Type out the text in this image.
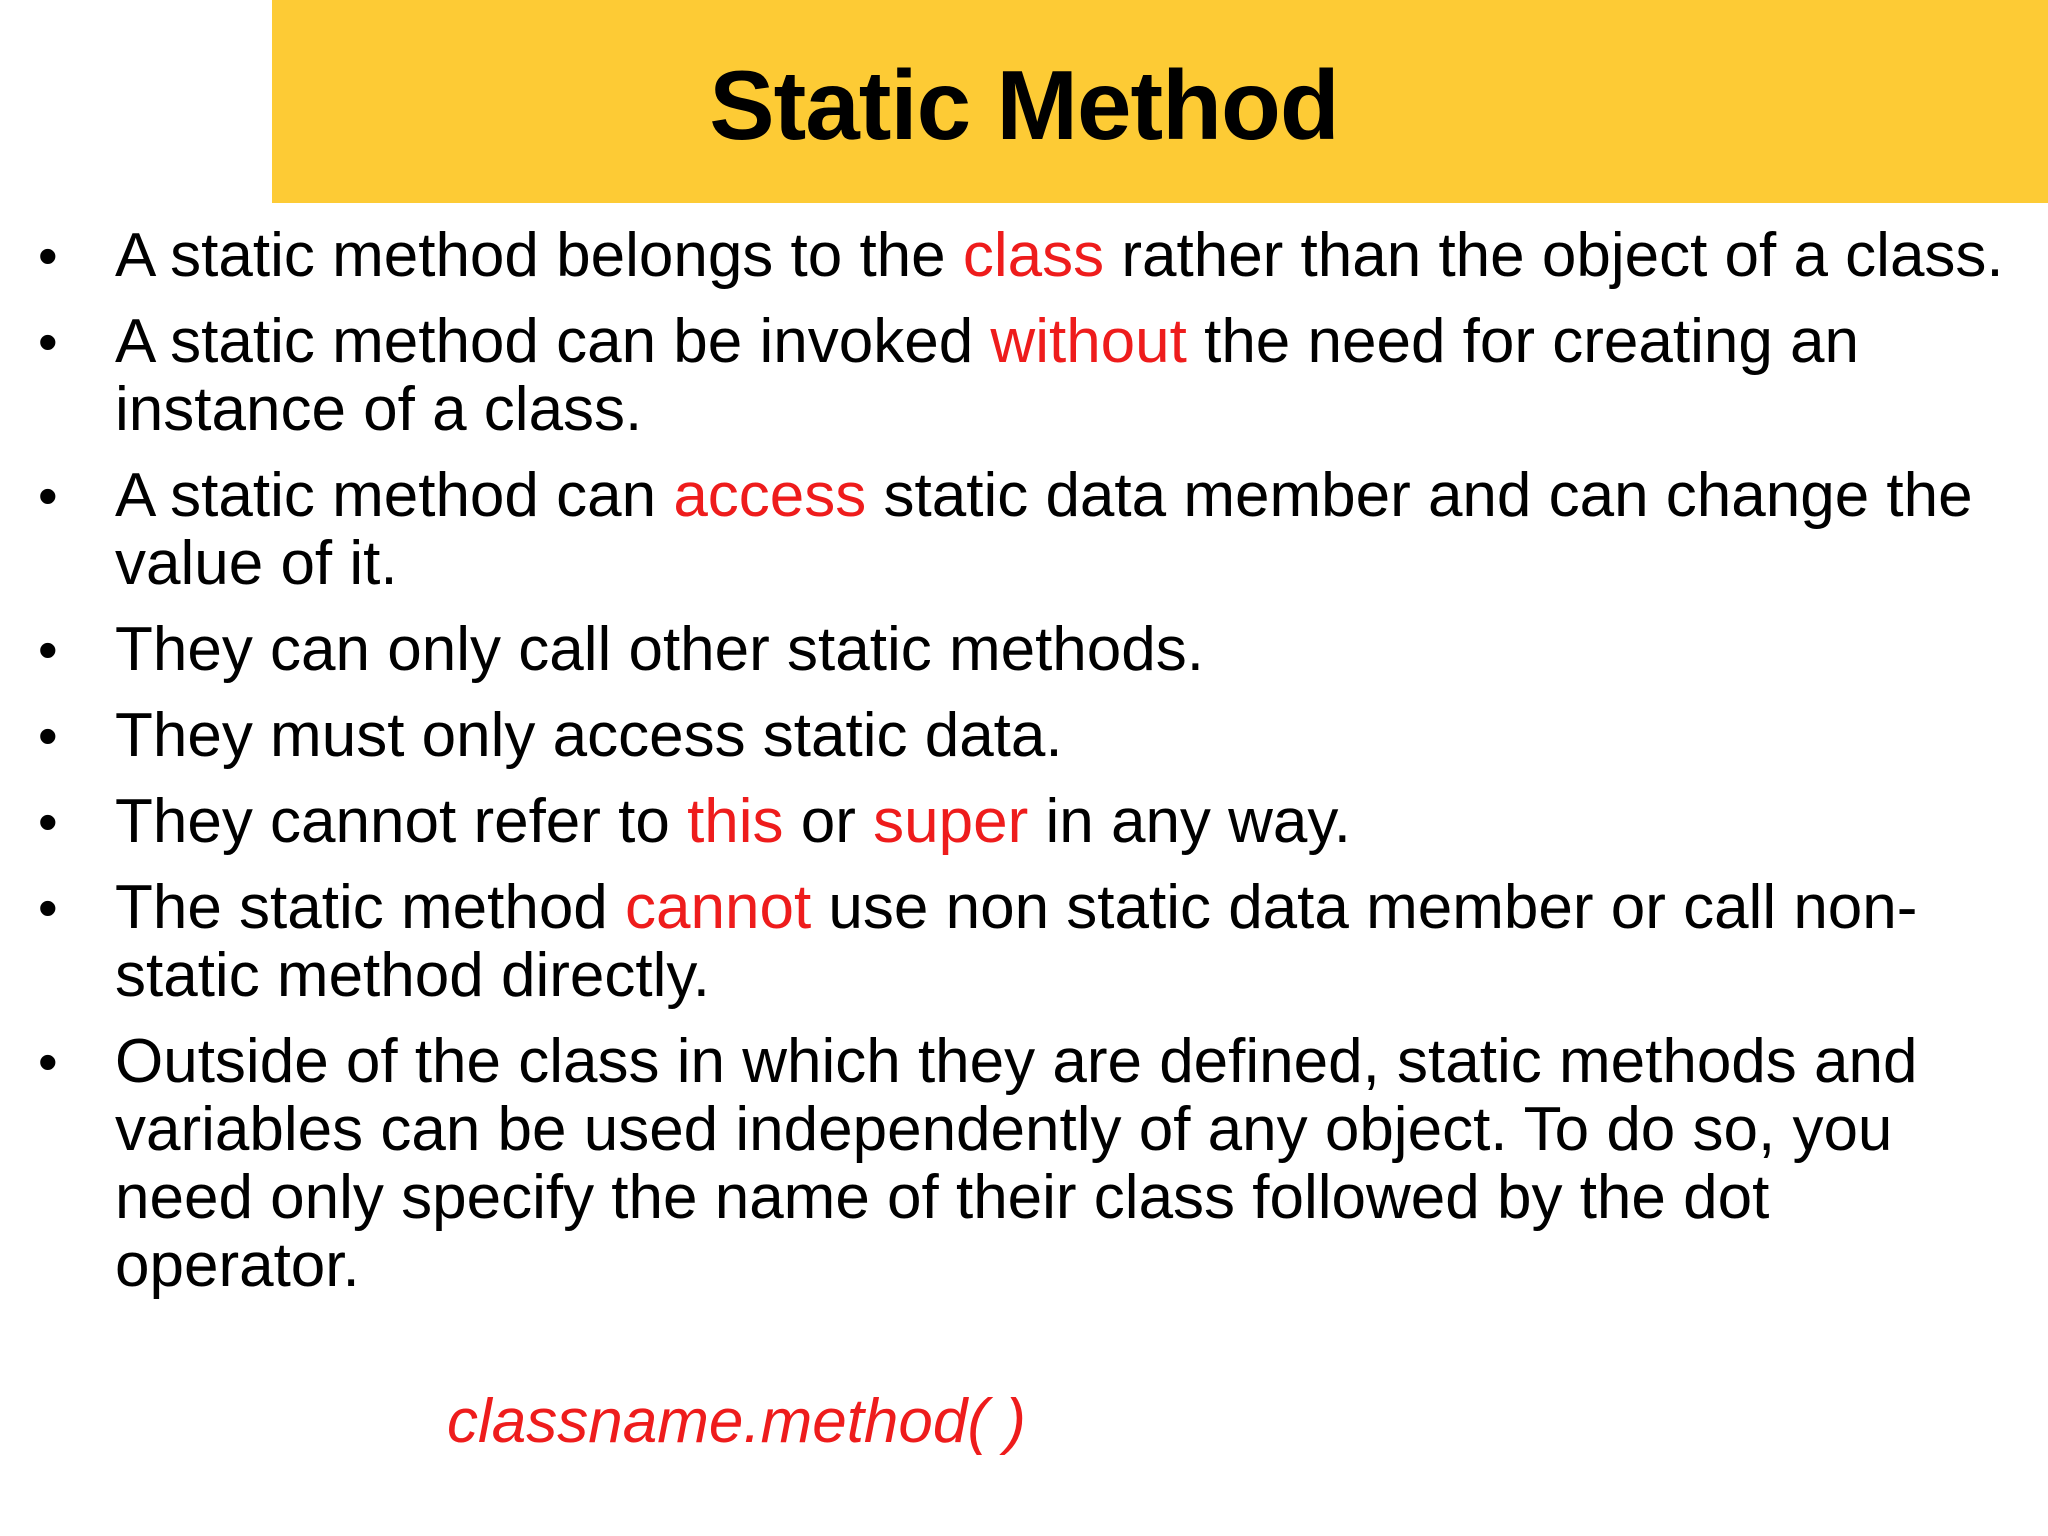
Static Method
• A static method belongs to the class rather than the object of a class.
• A static method can be invoked without the need for creating an instance of a class.
• A static method can access static data member and can change the value of it.
• They can only call other static methods.
• They must only access static data.
• They cannot refer to this or super in any way.
• The static method cannot use non static data member or call non-static method directly.
• Outside of the class in which they are defined, static methods and variables can be used independently of any object. To do so, you need only specify the name of their class followed by the dot operator.

classname.method( )
